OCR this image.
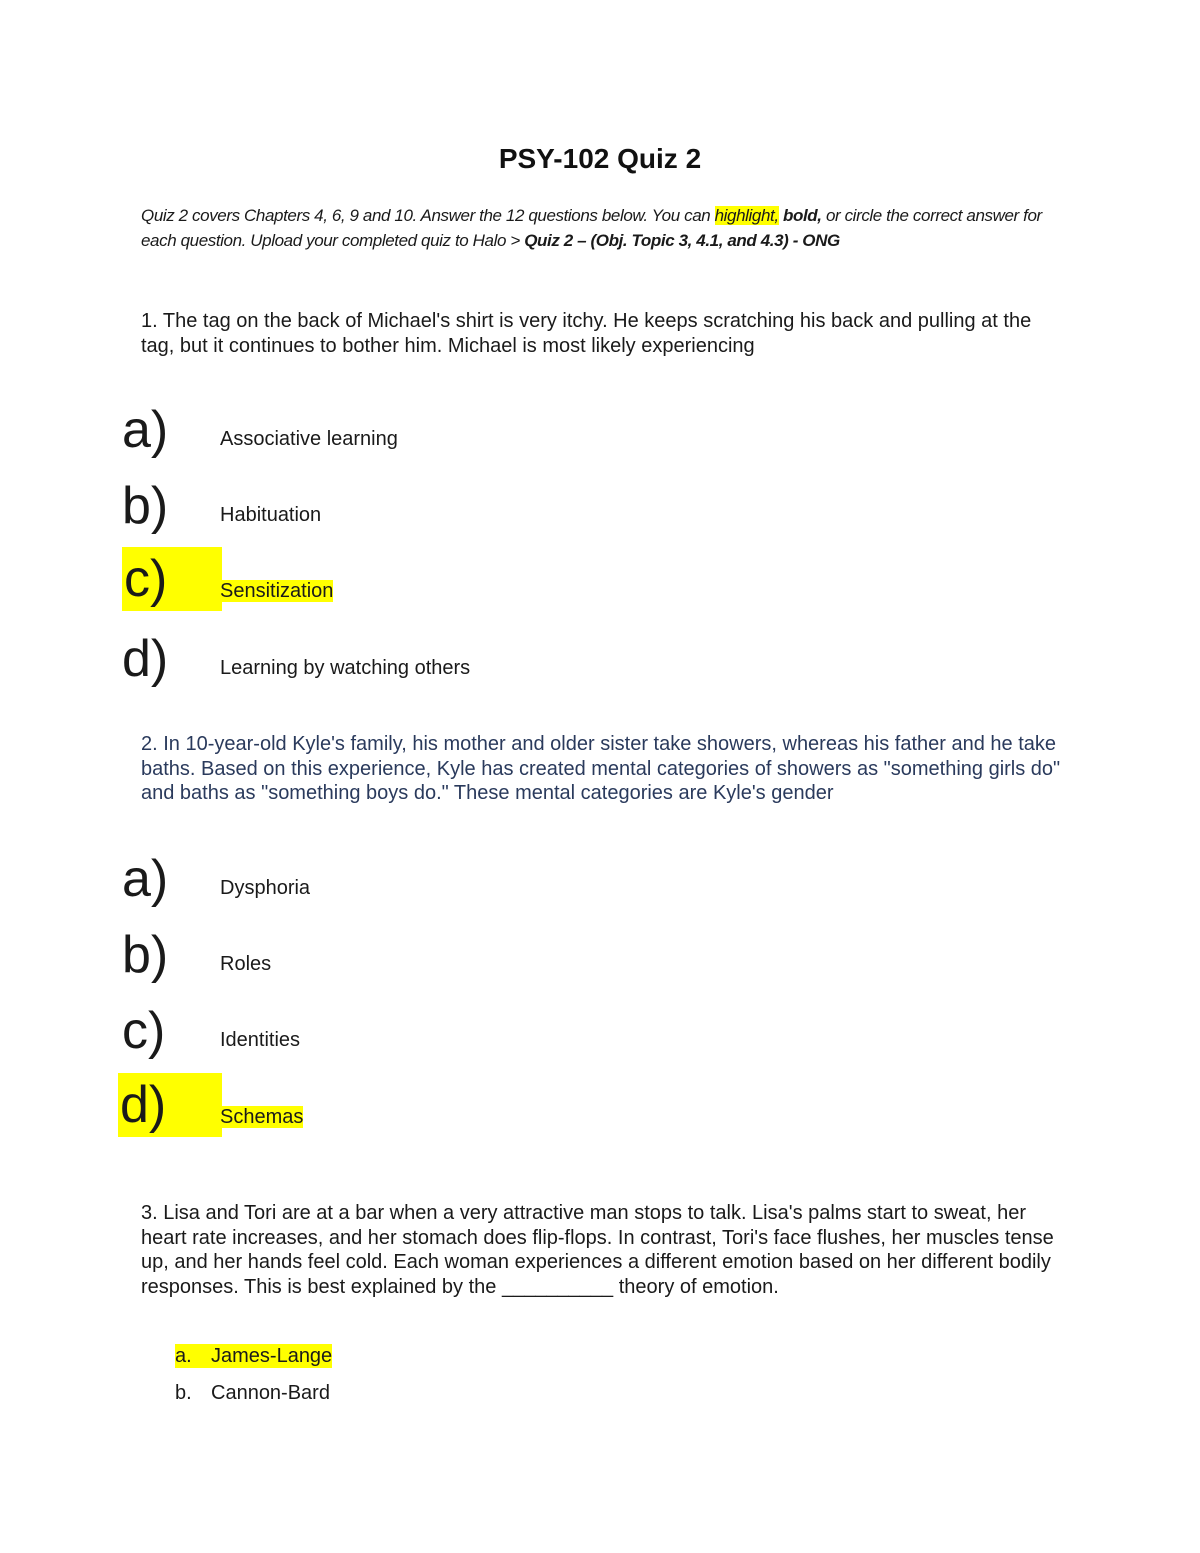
PSY-102 Quiz 2
Quiz 2 covers Chapters 4, 6, 9 and 10. Answer the 12 questions below. You can highlight, bold, or circle the correct answer for each question. Upload your completed quiz to Halo > Quiz 2 – (Obj. Topic 3, 4.1, and 4.3) - ONG
1. The tag on the back of Michael's shirt is very itchy. He keeps scratching his back and pulling at the tag, but it continues to bother him. Michael is most likely experiencing
a)	Associative learning
b)	Habituation
c)	Sensitization
d)	Learning by watching others
2. In 10-year-old Kyle's family, his mother and older sister take showers, whereas his father and he take baths. Based on this experience, Kyle has created mental categories of showers as "something girls do" and baths as "something boys do." These mental categories are Kyle's gender
a)	Dysphoria
b)	Roles
c)	Identities
d)	Schemas
3. Lisa and Tori are at a bar when a very attractive man stops to talk. Lisa's palms start to sweat, her heart rate increases, and her stomach does flip-flops. In contrast, Tori's face flushes, her muscles tense up, and her hands feel cold. Each woman experiences a different emotion based on her different bodily responses. This is best explained by the __________ theory of emotion.
a. James-Lange
b. Cannon-Bard
